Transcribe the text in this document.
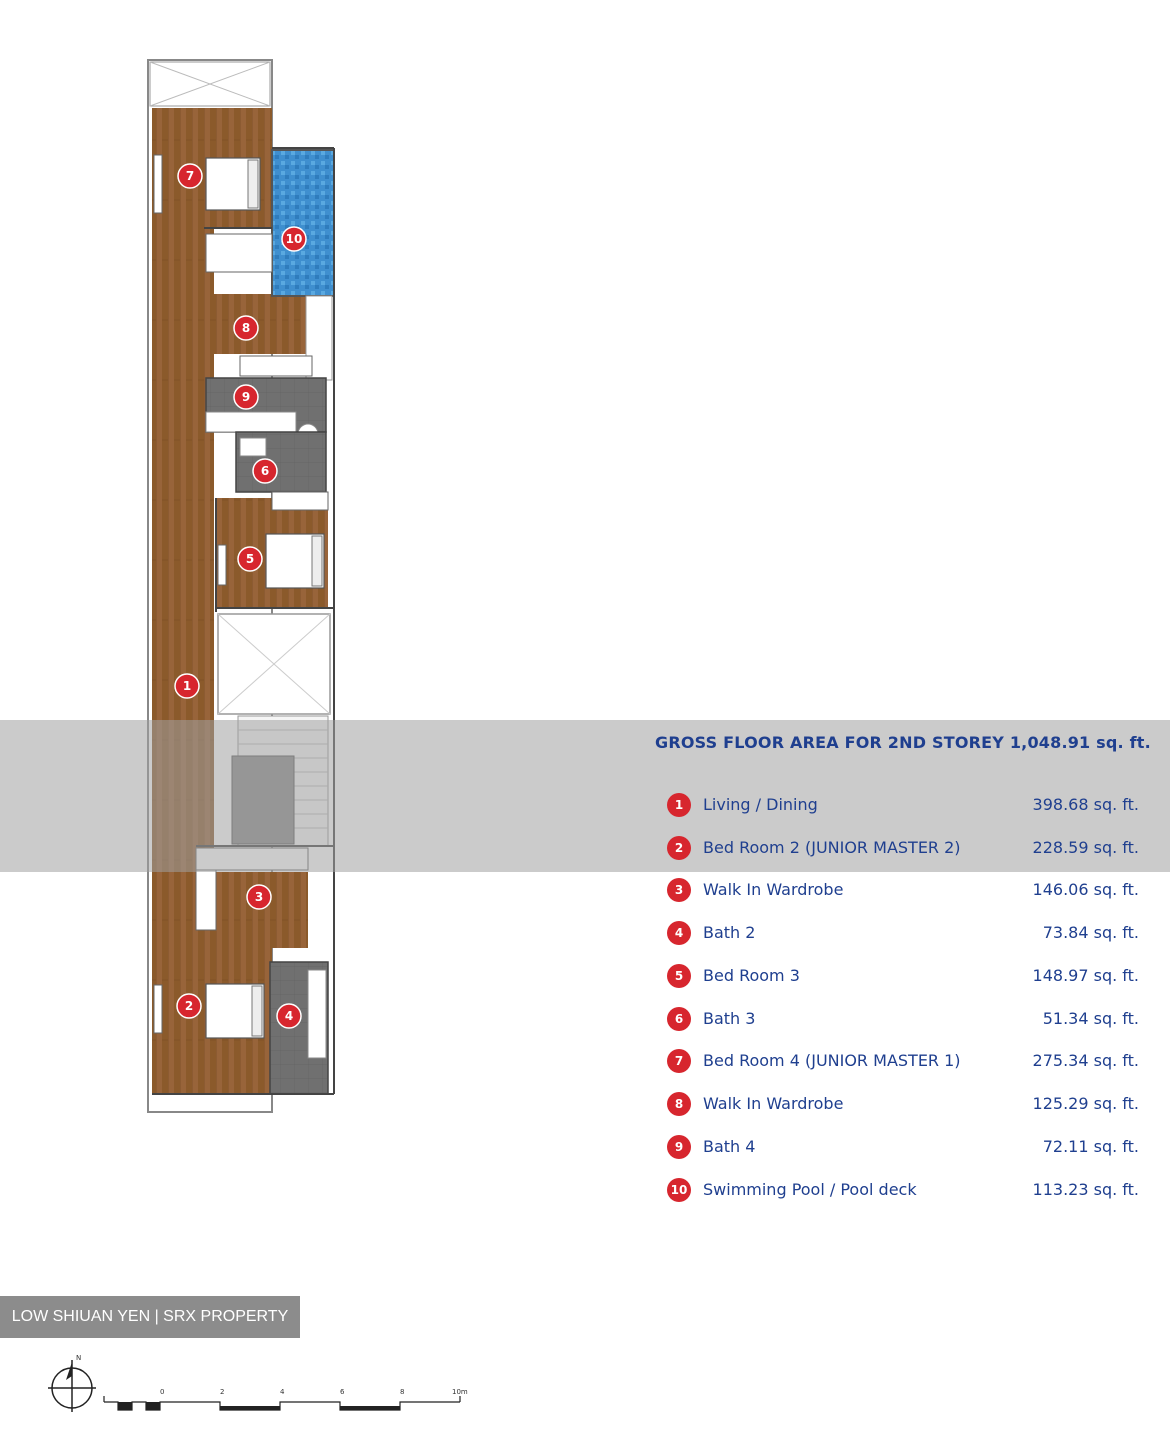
7
10
8
9
6
5
1
3
2
4
N
0	2	4	6	8	10m
GROSS FLOOR AREA FOR 2ND STOREY 1,048.91 sq. ft.
1	Living / Dining	398.68 sq. ft.
2	Bed Room 2 (JUNIOR MASTER 2)	228.59 sq. ft.
3	Walk In Wardrobe	146.06 sq. ft.
4	Bath 2	73.84 sq. ft.
5	Bed Room 3	148.97 sq. ft.
6	Bath 3	51.34 sq. ft.
7	Bed Room 4 (JUNIOR MASTER 1)	275.34 sq. ft.
8	Walk In Wardrobe	125.29 sq. ft.
9	Bath 4	72.11 sq. ft.
10 Swimming Pool / Pool deck	113.23 sq. ft.
LOW SHIUAN YEN | SRX PROPERTY
